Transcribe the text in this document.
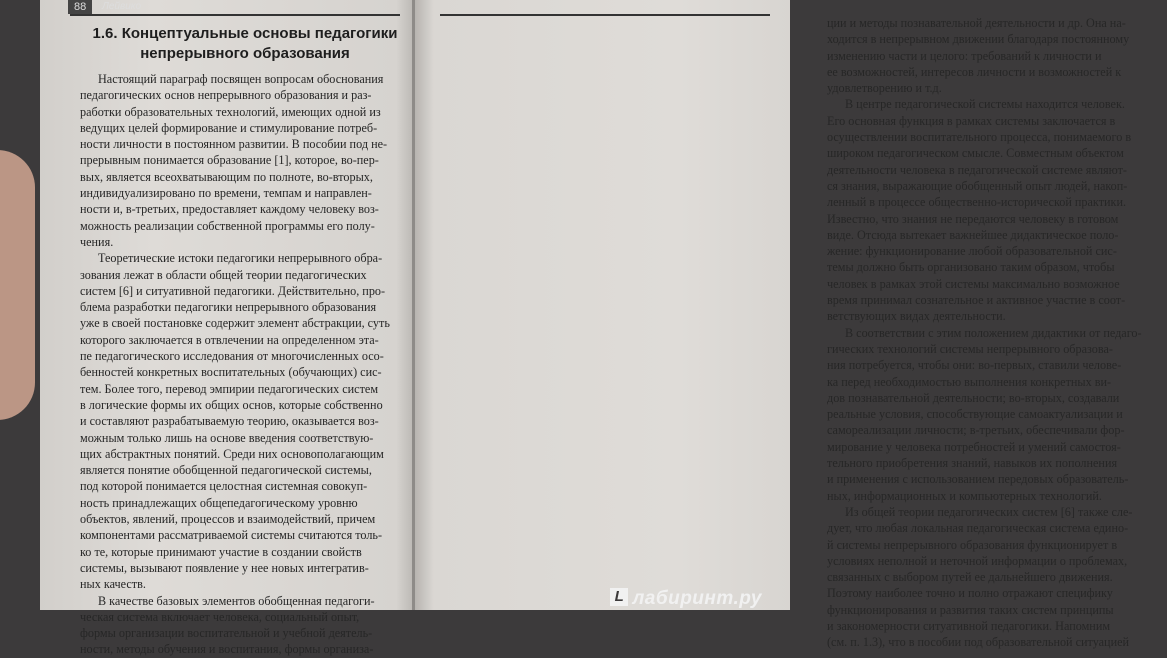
88	Лейвико
1.6. Концептуальные основы педагогики
непрерывного образования
Настоящий параграф посвящен вопросам обоснования
педагогических основ непрерывного образования и раз-
работки образовательных технологий, имеющих одной из
ведущих целей формирование и стимулирование потреб-
ности личности в постоянном развитии. В пособии под не-
прерывным понимается образование [1], которое, во-пер-
вых, является всеохватывающим по полноте, во-вторых,
индивидуализировано по времени, темпам и направлен-
ности и, в-третьих, предоставляет каждому человеку воз-
можность реализации собственной программы его полу-
чения.
Теоретические истоки педагогики непрерывного обра-
зования лежат в области общей теории педагогических
систем [6] и ситуативной педагогики. Действительно, про-
блема разработки педагогики непрерывного образования
уже в своей постановке содержит элемент абстракции, суть
которого заключается в отвлечении на определенном эта-
пе педагогического исследования от многочисленных осо-
бенностей конкретных воспитательных (обучающих) сис-
тем. Более того, перевод эмпирии педагогических систем
в логические формы их общих основ, которые собственно
и составляют разрабатываемую теорию, оказывается воз-
можным только лишь на основе введения соответствую-
щих абстрактных понятий. Среди них основополагающим
является понятие обобщенной педагогической системы,
под которой понимается целостная системная совокуп-
ность принадлежащих общепедагогическому уровню
объектов, явлений, процессов и взаимодействий, причем
компонентами рассматриваемой системы считаются толь-
ко те, которые принимают участие в создании свойств
системы, вызывают появление у нее новых интегратив-
ных качеств.
В качестве базовых элементов обобщенная педагоги-
ческая система включает человека, социальный опыт,
формы организации воспитательной и учебной деятель-
ности, методы обучения и воспитания, формы организа-
ции и методы познавательной деятельности и др. Она на-
ходится в непрерывном движении благодаря постоянному
изменению части и целого: требований к личности и
ее возможностей, интересов личности и возможностей к
удовлетворению и т.д.
В центре педагогической системы находится человек.
Его основная функция в рамках системы заключается в
осуществлении воспитательного процесса, понимаемого в
широком педагогическом смысле. Совместным объектом
деятельности человека в педагогической системе являют-
ся знания, выражающие обобщенный опыт людей, накоп-
ленный в процессе общественно-исторической практики.
Известно, что знания не передаются человеку в готовом
виде. Отсюда вытекает важнейшее дидактическое поло-
жение: функционирование любой образовательной сис-
темы должно быть организовано таким образом, чтобы
человек в рамках этой системы максимально возможное
время принимал сознательное и активное участие в соот-
ветствующих видах деятельности.
В соответствии с этим положением дидактики от педаго-
гических технологий системы непрерывного образова-
ния потребуется, чтобы они: во-первых, ставили челове-
ка перед необходимостью выполнения конкретных ви-
дов познавательной деятельности; во-вторых, создавали
реальные условия, способствующие самоактуализации и
самореализации личности; в-третьих, обеспечивали фор-
мирование у человека потребностей и умений самостоя-
тельного приобретения знаний, навыков их пополнения
и применения с использованием передовых образователь-
ных, информационных и компьютерных технологий.
Из общей теории педагогических систем [6] также сле-
дует, что любая локальная педагогическая система едино-
й системы непрерывного образования функционирует в
условиях неполной и неточной информации о проблемах,
связанных с выбором путей ее дальнейшего движения.
Поэтому наиболее точно и полно отражают специфику
функционирования и развития таких систем принципы
и закономерности ситуативной педагогики. Напомним
(см. п. 1.3), что в пособии под образовательной ситуацией
L лабиринт.ру
